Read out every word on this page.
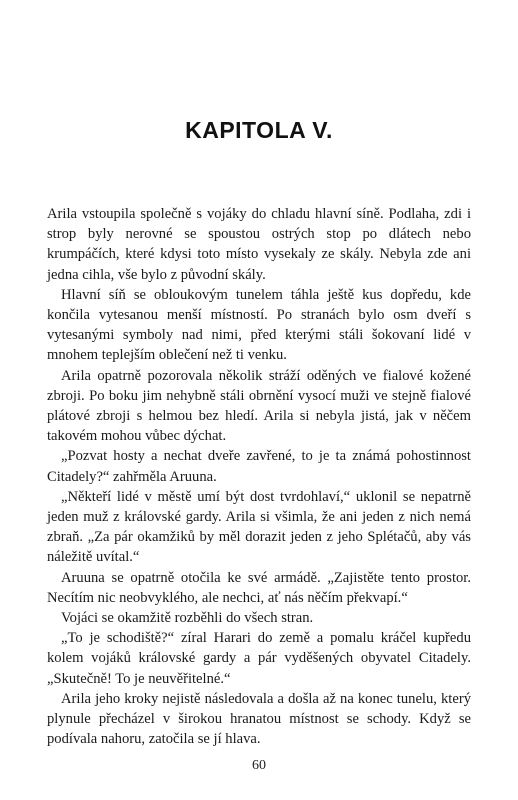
KAPITOLA V.

Arila vstoupila společně s vojáky do chladu hlavní síně. Podlaha, zdi i strop byly nerovné se spoustou ostrých stop po dlátech nebo krumpáčích, které kdysi toto místo vysekaly ze skály. Nebyla zde ani jedna cihla, vše bylo z původní skály.

Hlavní síň se obloukovým tunelem táhla ještě kus dopředu, kde končila vytesanou menší místností. Po stranách bylo osm dveří s vytesanými symboly nad nimi, před kterými stáli šokovaní lidé v mnohem teplejším oblečení než ti venku.

Arila opatrně pozorovala několik stráží oděných ve fialové kožené zbroji. Po boku jim nehybně stáli obrnění vysocí muži ve stejně fialové plátové zbroji s helmou bez hledí. Arila si nebyla jistá, jak v něčem takovém mohou vůbec dýchat.

„Pozvat hosty a nechat dveře zavřené, to je ta známá pohostinnost Citadely?“ zahřměla Aruuna.

„Někteří lidé v městě umí být dost tvrdohlaví,“ uklonil se nepatrně jeden muž z královské gardy. Arila si všimla, že ani jeden z nich nemá zbraň. „Za pár okamžiků by měl dorazit jeden z jeho Splétačů, aby vás náležitě uvítal.“

Aruuna se opatrně otočila ke své armádě. „Zajistěte tento prostor. Necítím nic neobvyklého, ale nechci, ať nás něčím překvapí.“

Vojáci se okamžitě rozběhli do všech stran.

„To je schodiště?“ zíral Harari do země a pomalu kráčel kupředu kolem vojáků královské gardy a pár vyděšených obyvatel Citadely. „Skutečně! To je neuvěřitelné.“

Arila jeho kroky nejistě následovala a došla až na konec tunelu, který plynule přecházel v širokou hranatou místnost se schody. Když se podívala nahoru, zatočila se jí hlava.

60
